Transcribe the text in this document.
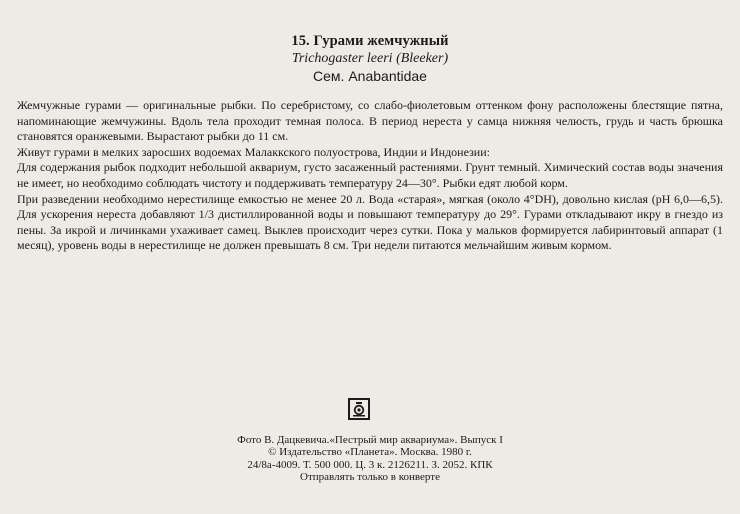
15. Гурами жемчужный
Trichogaster leeri (Bleeker)
Сем. Anabantidae

Жемчужные гурами — оригинальные рыбки. По серебристому, со слабо-фиолетовым оттенком фону расположены блестящие пятна, напоминающие жемчужины. Вдоль тела проходит темная полоса. В период нереста у самца нижняя челюсть, грудь и часть брюшка становятся оранжевыми. Вырастают рыбки до 11 см.

Живут гурами в мелких заросших водоемах Малаккского полуострова, Индии и Индонезии:

Для содержания рыбок подходит небольшой аквариум, густо засаженный растениями. Грунт темный. Химический состав воды значения не имеет, но необходимо соблюдать чистоту и поддерживать температуру 24—30°. Рыбки едят любой корм.

При разведении необходимо нерестилище емкостью не менее 20 л. Вода «старая», мягкая (около 4°DH), довольно кислая (pH 6,0—6,5). Для ускорения нереста добавляют 1/3 дистиллированной воды и повышают температуру до 29°. Гурами откладывают икру в гнездо из пены. За икрой и личинками ухаживает самец. Выклев происходит через сутки. Пока у мальков формируется лабиринтовый аппарат (1 месяц), уровень воды в нерестилище не должен превышать 8 см. Три недели питаются мельчайшим живым кормом.

Фото В. Дацкевича.«Пестрый мир аквариума». Выпуск I
© Издательство «Планета». Москва. 1980 г.
24/8а-4009. Т. 500 000. Ц. 3 к. 2126211. З. 2052. КПК
Отправлять только в конверте
